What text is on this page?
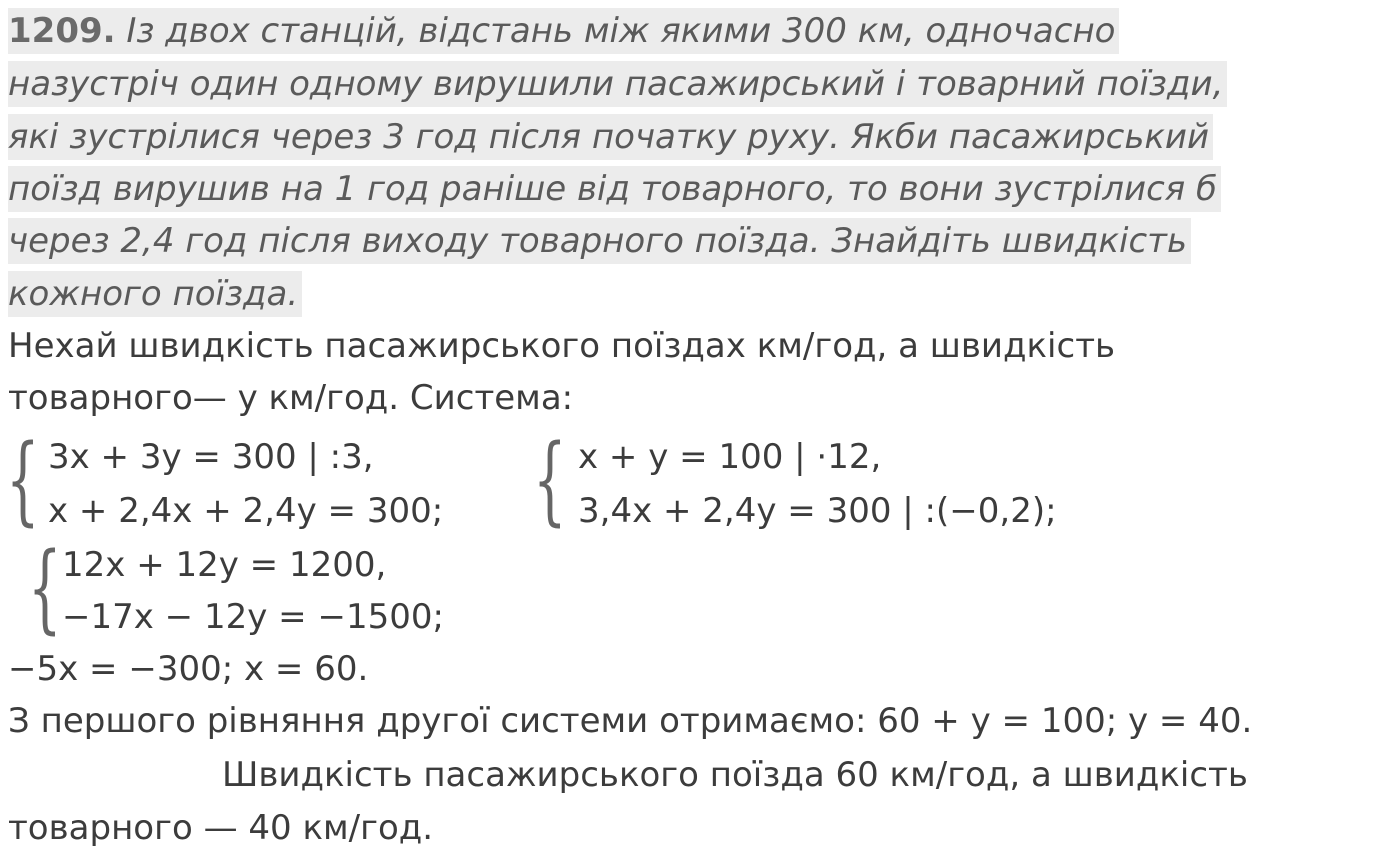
1209. Із двох станцій, відстань між якими 300 км, одночасно
назустріч один одному вирушили пасажирський і товарний поїзди,
які зустрілися через 3 год після початку руху. Якби пасажирський
поїзд вирушив на 1 год раніше від товарного, то вони зустрілися б
через 2,4 год після виходу товарного поїзда. Знайдіть швидкість
кожного поїзда.
Нехай швидкість пасажирського поїздах км/год, а швидкість
товарного— у км/год. Система:
{ 3x + 3y = 300 | :3,
x + 2,4x + 2,4y = 300; { x + y = 100 | ·12,
3,4x + 2,4y = 300 | :(−0,2);
{ 12x + 12y = 1200,
−17x − 12y = −1500;
−5x = −300; x = 60.
З першого рівняння другої системи отримаємо: 60 + y = 100; y = 40.
Швидкість пасажирського поїзда 60 км/год, а швидкість
товарного — 40 км/год.
